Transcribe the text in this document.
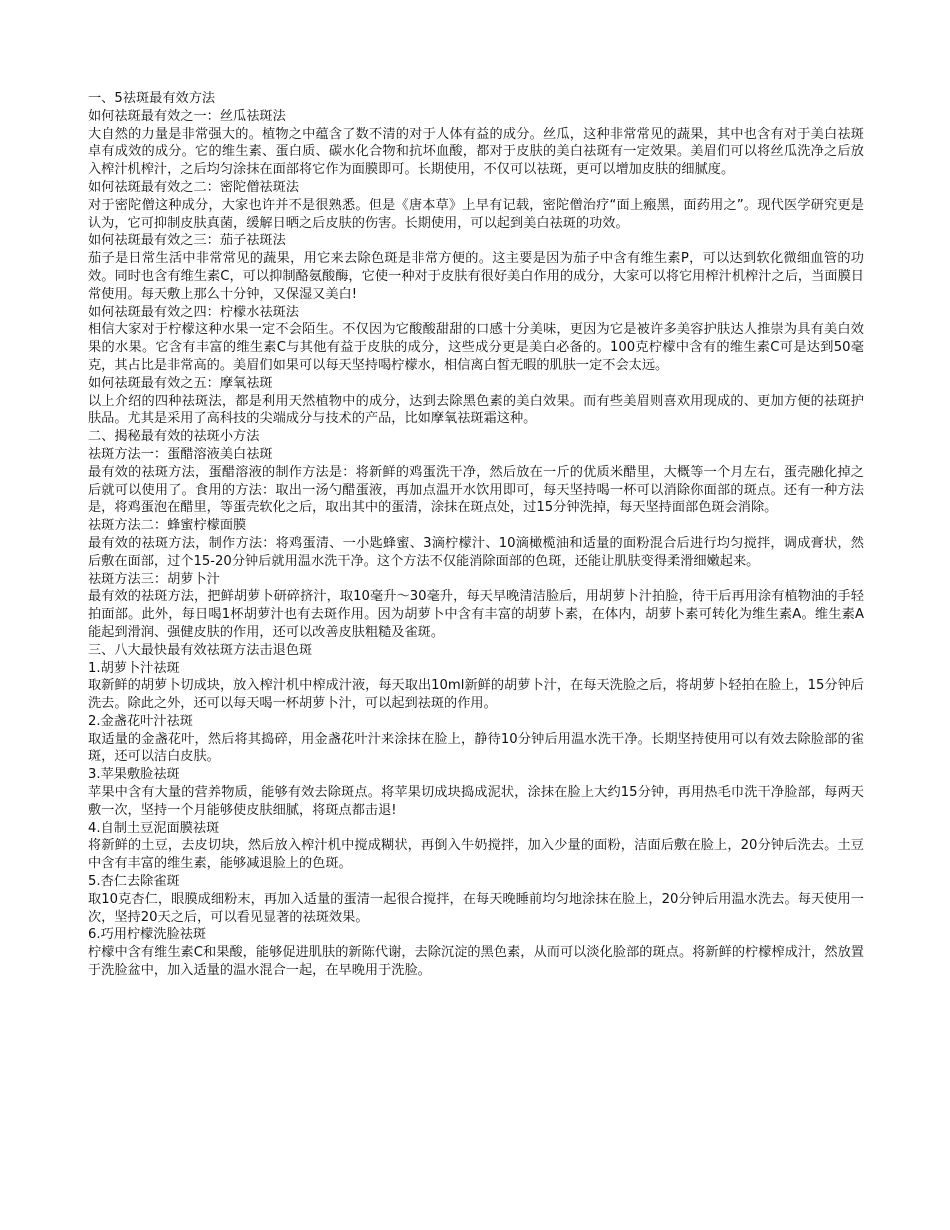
一、5祛斑最有效方法
如何祛斑最有效之一：丝瓜祛斑法
大自然的力量是非常强大的。植物之中蕴含了数不清的对于人体有益的成分。丝瓜，这种非常常见的蔬果，其中也含有对于美白祛斑卓有成效的成分。它的维生素、蛋白质、碳水化合物和抗坏血酸，都对于皮肤的美白祛斑有一定效果。美眉们可以将丝瓜洗净之后放入榨汁机榨汁，之后均匀涂抹在面部将它作为面膜即可。长期使用，不仅可以祛斑，更可以增加皮肤的细腻度。
如何祛斑最有效之二：密陀僧祛斑法
对于密陀僧这种成分，大家也许并不是很熟悉。但是《唐本草》上早有记载，密陀僧治疗“面上瘢黑，面药用之”。现代医学研究更是认为，它可抑制皮肤真菌，缓解日晒之后皮肤的伤害。长期使用，可以起到美白祛斑的功效。
如何祛斑最有效之三：茄子祛斑法
茄子是日常生活中非常常见的蔬果，用它来去除色斑是非常方便的。这主要是因为茄子中含有维生素P，可以达到软化微细血管的功效。同时也含有维生素C，可以抑制酪氨酸酶，它使一种对于皮肤有很好美白作用的成分，大家可以将它用榨汁机榨汁之后，当面膜日常使用。每天敷上那么十分钟，又保湿又美白!
如何祛斑最有效之四：柠檬水祛斑法
相信大家对于柠檬这种水果一定不会陌生。不仅因为它酸酸甜甜的口感十分美味，更因为它是被许多美容护肤达人推崇为具有美白效果的水果。它含有丰富的维生素C与其他有益于皮肤的成分，这些成分更是美白必备的。100克柠檬中含有的维生素C可是达到50毫克，其占比是非常高的。美眉们如果可以每天坚持喝柠檬水，相信离白皙无暇的肌肤一定不会太远。
如何祛斑最有效之五：摩氧祛斑
以上介绍的四种祛斑法，都是利用天然植物中的成分，达到去除黑色素的美白效果。而有些美眉则喜欢用现成的、更加方便的祛斑护肤品。尤其是采用了高科技的尖端成分与技术的产品，比如摩氧祛斑霜这种。
二、揭秘最有效的祛斑小方法
祛斑方法一：蛋醋溶液美白祛斑
最有效的祛斑方法，蛋醋溶液的制作方法是：将新鲜的鸡蛋洗干净，然后放在一斤的优质米醋里，大概等一个月左右，蛋壳融化掉之后就可以使用了。食用的方法：取出一汤勺醋蛋液，再加点温开水饮用即可，每天坚持喝一杯可以消除你面部的斑点。还有一种方法是，将鸡蛋泡在醋里，等蛋壳软化之后，取出其中的蛋清，涂抹在斑点处，过15分钟洗掉，每天坚持面部色斑会消除。
祛斑方法二：蜂蜜柠檬面膜
最有效的祛斑方法，制作方法：将鸡蛋清、一小匙蜂蜜、3滴柠檬汁、10滴橄榄油和适量的面粉混合后进行均匀搅拌，调成膏状，然后敷在面部，过个15-20分钟后就用温水洗干净。这个方法不仅能消除面部的色斑，还能让肌肤变得柔滑细嫩起来。
祛斑方法三：胡萝卜汁
最有效的祛斑方法，把鲜胡萝卜研碎挤汁，取10毫升～30毫升，每天早晚清洁脸后，用胡萝卜汁拍脸，待干后再用涂有植物油的手轻拍面部。此外，每日喝1杯胡萝汁也有去斑作用。因为胡萝卜中含有丰富的胡萝卜素，在体内，胡萝卜素可转化为维生素A。维生素A能起到滑润、强健皮肤的作用，还可以改善皮肤粗糙及雀斑。
三、八大最快最有效祛斑方法击退色斑
1.胡萝卜汁祛斑
取新鲜的胡萝卜切成块，放入榨汁机中榨成汁液，每天取出10ml新鲜的胡萝卜汁，在每天洗脸之后，将胡萝卜轻拍在脸上，15分钟后洗去。除此之外，还可以每天喝一杯胡萝卜汁，可以起到祛斑的作用。
2.金盏花叶汁祛斑
取适量的金盏花叶，然后将其捣碎，用金盏花叶汁来涂抹在脸上，静待10分钟后用温水洗干净。长期坚持使用可以有效去除脸部的雀斑，还可以洁白皮肤。
3.苹果敷脸祛斑
苹果中含有大量的营养物质，能够有效去除斑点。将苹果切成块捣成泥状，涂抹在脸上大约15分钟，再用热毛巾洗干净脸部，每两天敷一次，坚持一个月能够使皮肤细腻，将斑点都击退!
4.自制土豆泥面膜祛斑
将新鲜的土豆，去皮切块，然后放入榨汁机中搅成糊状，再倒入牛奶搅拌，加入少量的面粉，洁面后敷在脸上，20分钟后洗去。土豆中含有丰富的维生素，能够减退脸上的色斑。
5.杏仁去除雀斑
取10克杏仁，眼膜成细粉末，再加入适量的蛋清一起很合搅拌，在每天晚睡前均匀地涂抹在脸上，20分钟后用温水洗去。每天使用一次，坚持20天之后，可以看见显著的祛斑效果。
6.巧用柠檬洗脸祛斑
柠檬中含有维生素C和果酸，能够促进肌肤的新陈代谢，去除沉淀的黑色素，从而可以淡化脸部的斑点。将新鲜的柠檬榨成汁，然放置于洗脸盆中，加入适量的温水混合一起，在早晚用于洗脸。
